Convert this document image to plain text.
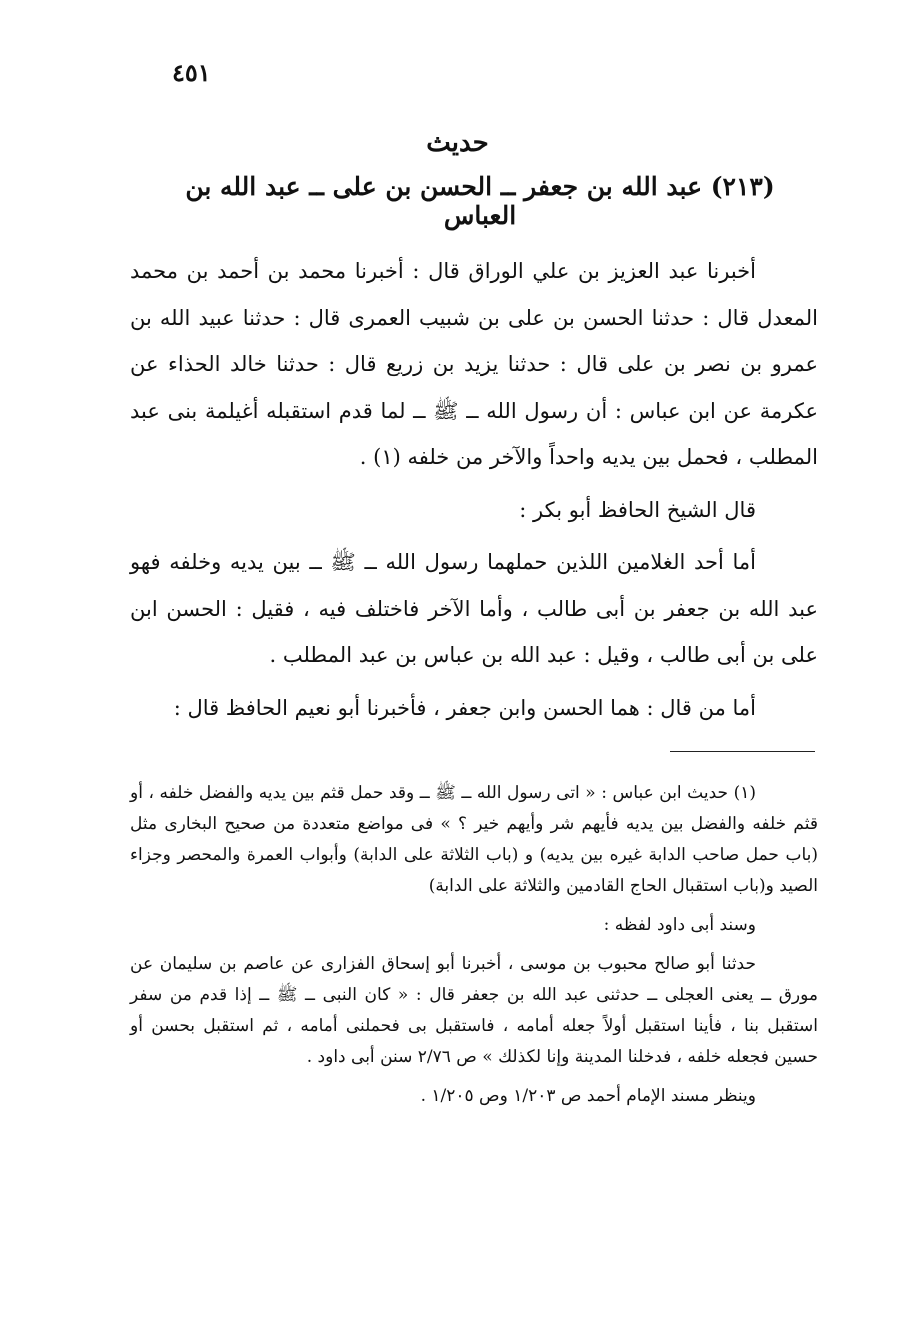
٤٥١
حديث
(٢١٣) عبد الله بن جعفر ــ الحسن بن على ــ عبد الله بن العباس

أخبرنا عبد العزيز بن علي الوراق قال : أخبرنا محمد بن أحمد بن محمد المعدل قال : حدثنا الحسن بن على بن شبيب العمرى قال : حدثنا عبيد الله بن عمرو بن نصر بن على قال : حدثنا يزيد بن زريع قال : حدثنا خالد الحذاء عن عكرمة عن ابن عباس : أن رسول الله ــ ﷺ ــ لما قدم استقبله أغيلمة بنى عبد المطلب ، فحمل بين يديه واحداً والآخر من خلفه (١) .

قال الشيخ الحافظ أبو بكر :

أما أحد الغلامين اللذين حملهما رسول الله ــ ﷺ ــ بين يديه وخلفه فهو عبد الله بن جعفر بن أبى طالب ، وأما الآخر فاختلف فيه ، فقيل : الحسن ابن على بن أبى طالب ، وقيل : عبد الله بن عباس بن عبد المطلب .

أما من قال : هما الحسن وابن جعفر ، فأخبرنا أبو نعيم الحافظ قال :

(١) حديث ابن عباس : « اتى رسول الله ــ ﷺ ــ وقد حمل قثم بين يديه والفضل خلفه ، أو قثم خلفه والفضل بين يديه فأيهم شر وأيهم خير ؟ » فى مواضع متعددة من صحيح البخارى مثل (باب حمل صاحب الدابة غيره بين يديه) و (باب الثلاثة على الدابة) وأبواب العمرة والمحصر وجزاء الصيد و(باب استقبال الحاج القادمين والثلاثة على الدابة)

وسند أبى داود لفظه :

حدثنا أبو صالح محبوب بن موسى ، أخبرنا أبو إسحاق الفزارى عن عاصم بن سليمان عن مورق ــ يعنى العجلى ــ حدثنى عبد الله بن جعفر قال : « كان النبى ــ ﷺ ــ إذا قدم من سفر استقبل بنا ، فأينا استقبل أولاً جعله أمامه ، فاستقبل بى فحملنى أمامه ، ثم استقبل بحسن أو حسين فجعله خلفه ، فدخلنا المدينة وإنا لكذلك » ص ٢/٧٦ سنن أبى داود .

وينظر مسند الإمام أحمد ص ١/٢٠٣ وص ١/٢٠٥ .
